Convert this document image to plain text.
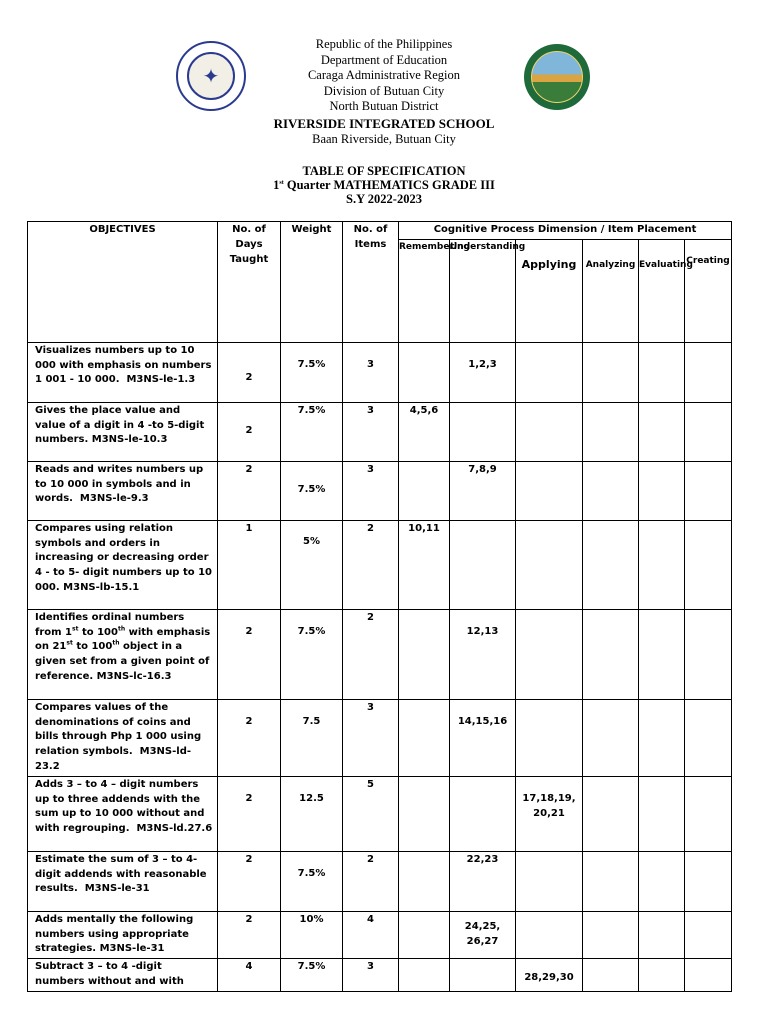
✦
Republic of the Philippines
Department of Education
Caraga Administrative Region
Division of Butuan City
North Butuan District
RIVERSIDE INTEGRATED SCHOOL
Baan Riverside, Butuan City
TABLE OF SPECIFICATION
1st Quarter MATHEMATICS GRADE III
S.Y 2022-2023
OBJECTIVES	No. of Days Taught	Weight	No. of Items	Cognitive Process Dimension / Item Placement					
				Remembering	Understanding	Applying	Analyzing	Evaluating	Creating
Visualizes numbers up to 10 000 with emphasis on numbers 1 001 - 10 000.  M3NS-le-1.3	2	7.5%	3		1,2,3				
Gives the place value and value of a digit in 4 -to 5-digit numbers. M3NS-le-10.3	2	7.5%	3	4,5,6					
Reads and writes numbers up to 10 000 in symbols and in words.  M3NS-le-9.3	2	7.5%	3		7,8,9				
Compares using relation symbols and orders in increasing or decreasing order 4 - to 5- digit numbers up to 10 000. M3NS-lb-15.1	1	5%	2	10,11					
Identifies ordinal numbers from 1st to 100th with emphasis on 21st to 100th object in a given set from a given point of reference. M3NS-lc-16.3	2	7.5%	2		12,13				
Compares values of the denominations of coins and bills through Php 1 000 using relation symbols.  M3NS-ld-23.2	2	7.5	3		14,15,16				
Adds 3 – to 4 – digit numbers up to three addends with the sum up to 10 000 without and with regrouping.  M3NS-ld.27.6	2	12.5	5			17,18,19, 20,21			
Estimate the sum of 3 – to 4- digit addends with reasonable results.  M3NS-le-31	2	7.5%	2		22,23				
Adds mentally the following numbers using appropriate strategies. M3NS-le-31	2	10%	4		24,25, 26,27				
Subtract 3 – to 4 -digit numbers without and with	4	7.5%	3			28,29,30			
